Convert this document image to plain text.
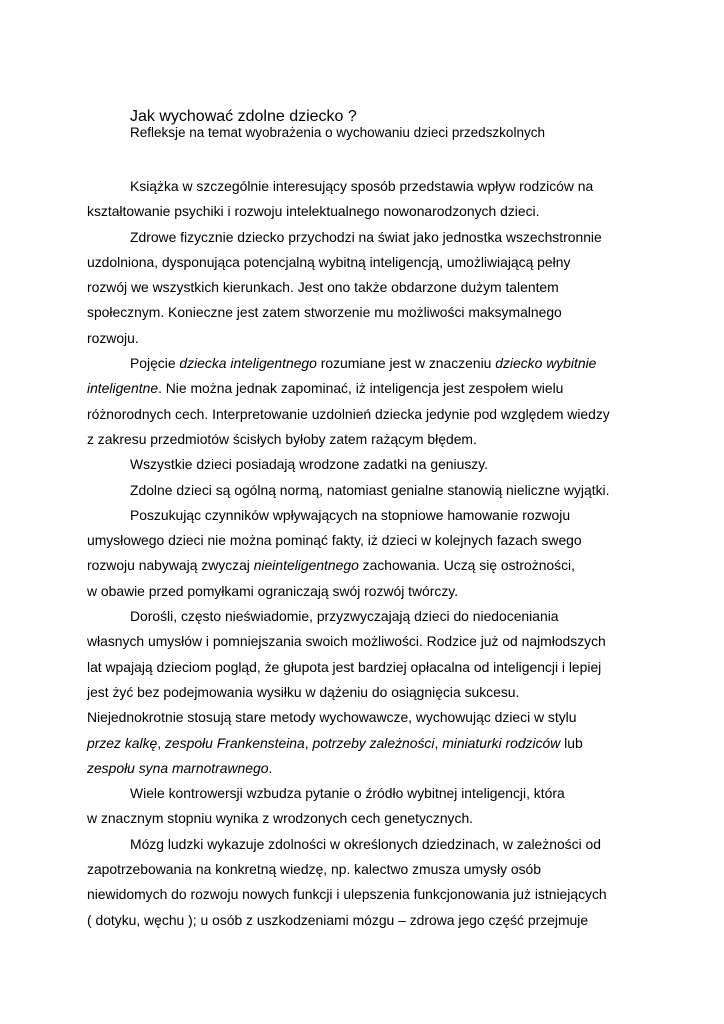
Jak wychować zdolne dziecko ?
Refleksje na temat wyobrażenia o wychowaniu dzieci przedszkolnych
Książka w szczególnie interesujący sposób przedstawia wpływ rodziców na
kształtowanie psychiki i rozwoju intelektualnego nowonarodzonych dzieci.
Zdrowe fizycznie dziecko przychodzi na świat jako jednostka wszechstronnie
uzdolniona, dysponująca potencjalną wybitną inteligencją, umożliwiającą pełny
rozwój we wszystkich kierunkach. Jest ono także obdarzone dużym talentem
społecznym. Konieczne jest zatem stworzenie mu możliwości maksymalnego
rozwoju.
Pojęcie dziecka inteligentnego rozumiane jest w znaczeniu dziecko wybitnie
inteligentne. Nie można jednak zapominać, iż inteligencja jest zespołem wielu
różnorodnych cech. Interpretowanie uzdolnień dziecka jedynie pod względem wiedzy
z zakresu przedmiotów ścisłych byłoby zatem rażącym błędem.
Wszystkie dzieci posiadają wrodzone zadatki na geniuszy.
Zdolne dzieci są ogólną normą, natomiast genialne stanowią nieliczne wyjątki.
Poszukując czynników wpływających na stopniowe hamowanie rozwoju
umysłowego dzieci nie można pominąć fakty, iż dzieci w kolejnych fazach swego
rozwoju nabywają zwyczaj nieinteligentnego zachowania. Uczą się ostrożności,
w obawie przed pomyłkami ograniczają swój rozwój twórczy.
Dorośli, często nieświadomie, przyzwyczajają dzieci do niedoceniania
własnych umysłów i pomniejszania swoich możliwości. Rodzice już od najmłodszych
lat wpajają dzieciom pogląd, że głupota jest bardziej opłacalna od inteligencji i lepiej
jest żyć bez podejmowania wysiłku w dążeniu do osiągnięcia sukcesu.
Niejednokrotnie stosują stare metody wychowawcze, wychowując dzieci w stylu
przez kalkę, zespołu Frankensteina, potrzeby zależności, miniaturki rodziców lub
zespołu syna marnotrawnego.
Wiele kontrowersji wzbudza pytanie o źródło wybitnej inteligencji, która
w znacznym stopniu wynika z wrodzonych cech genetycznych.
Mózg ludzki wykazuje zdolności w określonych dziedzinach, w zależności od
zapotrzebowania na konkretną wiedzę, np. kalectwo zmusza umysły osób
niewidomych do rozwoju nowych funkcji i ulepszenia funkcjonowania już istniejących
( dotyku, węchu ); u osób z uszkodzeniami mózgu – zdrowa jego część przejmuje
